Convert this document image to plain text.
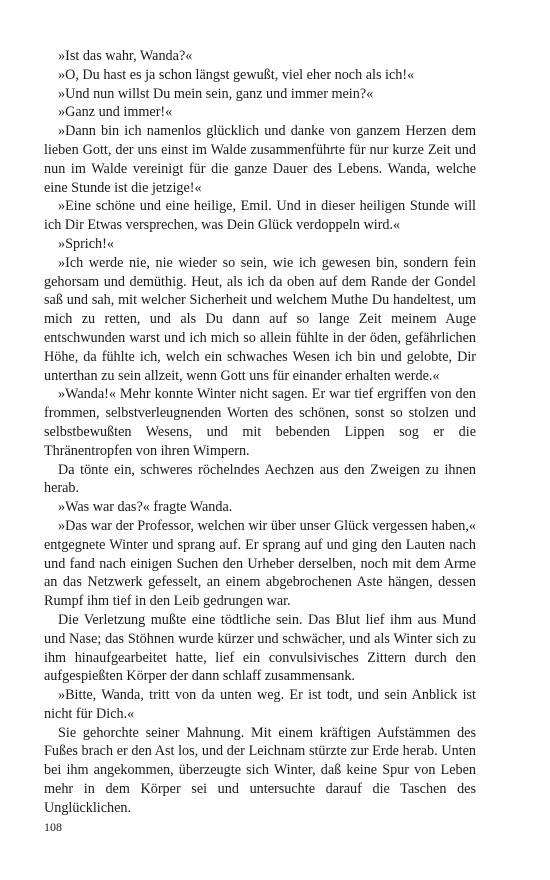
»Ist das wahr, Wanda?«

»O, Du hast es ja schon längst gewußt, viel eher noch als ich!«

»Und nun willst Du mein sein, ganz und immer mein?«

»Ganz und immer!«

»Dann bin ich namenlos glücklich und danke von ganzem Herzen dem lieben Gott, der uns einst im Walde zusammenführte für nur kurze Zeit und nun im Walde vereinigt für die ganze Dauer des Lebens. Wanda, welche eine Stunde ist die jetzige!«

»Eine schöne und eine heilige, Emil. Und in dieser heiligen Stunde will ich Dir Etwas versprechen, was Dein Glück verdoppeln wird.«

»Sprich!«

»Ich werde nie, nie wieder so sein, wie ich gewesen bin, sondern fein gehorsam und demüthig. Heut, als ich da oben auf dem Rande der Gondel saß und sah, mit welcher Sicherheit und welchem Muthe Du handeltest, um mich zu retten, und als Du dann auf so lange Zeit meinem Auge entschwunden warst und ich mich so allein fühlte in der öden, gefährlichen Höhe, da fühlte ich, welch ein schwaches Wesen ich bin und gelobte, Dir unterthan zu sein allzeit, wenn Gott uns für einander erhalten werde.«

»Wanda!« Mehr konnte Winter nicht sagen. Er war tief ergriffen von den frommen, selbstverleugnenden Worten des schönen, sonst so stolzen und selbstbewußten Wesens, und mit bebenden Lippen sog er die Thränentropfen von ihren Wimpern.

Da tönte ein, schweres röchelndes Aechzen aus den Zweigen zu ihnen herab.

»Was war das?« fragte Wanda.

»Das war der Professor, welchen wir über unser Glück vergessen haben,« entgegnete Winter und sprang auf. Er sprang auf und ging den Lauten nach und fand nach einigen Suchen den Urheber derselben, noch mit dem Arme an das Netzwerk gefesselt, an einem abgebrochenen Aste hängen, dessen Rumpf ihm tief in den Leib gedrungen war.

Die Verletzung mußte eine tödtliche sein. Das Blut lief ihm aus Mund und Nase; das Stöhnen wurde kürzer und schwächer, und als Winter sich zu ihm hinaufgearbeitet hatte, lief ein convulsivisches Zittern durch den aufgespießten Körper der dann schlaff zusammensank.

»Bitte, Wanda, tritt von da unten weg. Er ist todt, und sein Anblick ist nicht für Dich.«

Sie gehorchte seiner Mahnung. Mit einem kräftigen Aufstämmen des Fußes brach er den Ast los, und der Leichnam stürzte zur Erde herab. Unten bei ihm angekommen, überzeugte sich Winter, daß keine Spur von Leben mehr in dem Körper sei und untersuchte darauf die Taschen des Unglücklichen.

108
